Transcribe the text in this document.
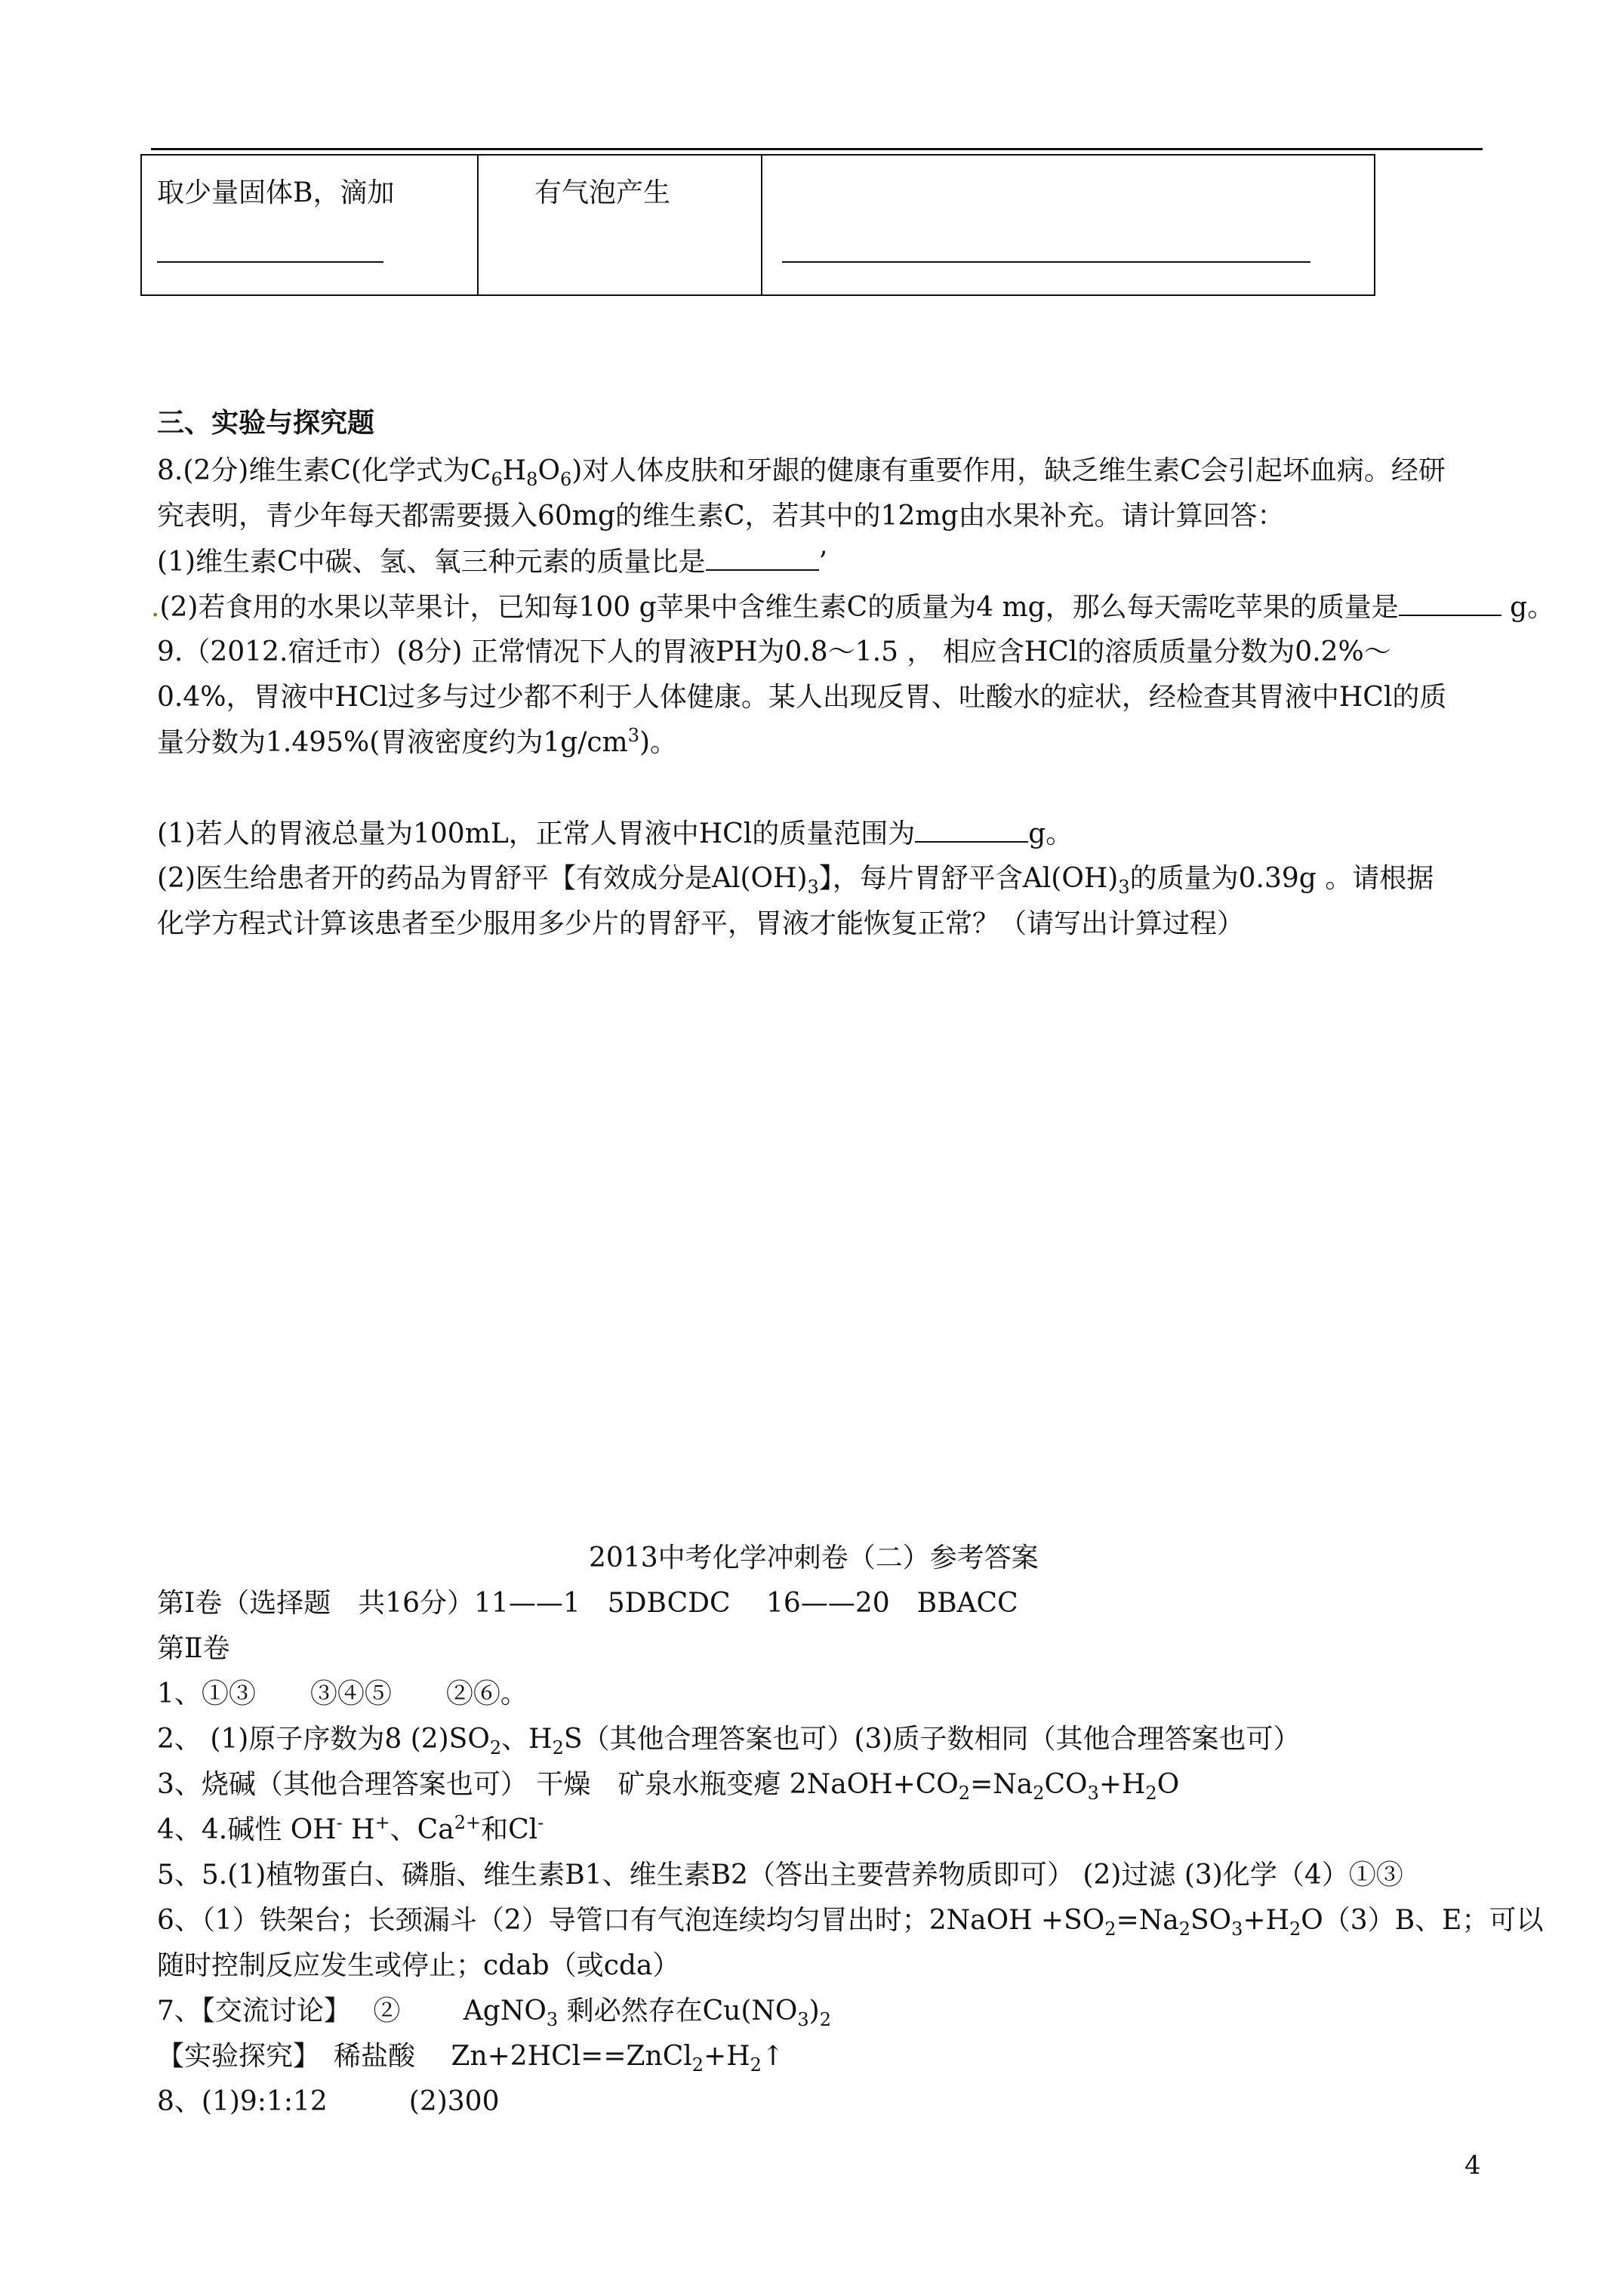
取少量固体B，滴加	有气泡产生
三、实验与探究题
8.(2分)维生素C(化学式为$C_6H_8O_6$)对人体皮肤和牙龈的健康有重要作用，缺乏维生素C会引起坏血病。经研
究表明，青少年每天都需要摄入60mg的维生素C，若其中的12mg由水果补充。请计算回答：
(1)维生素C中碳、氢、氧三种元素的质量比是	’
.(2)若食用的水果以苹果计，已知每100 g苹果中含维生素C的质量为4 mg，那么每天需吃苹果的质量是	g。
9.（2012.宿迁市）(8分) 正常情况下人的胃液PH为0.8～1.5 ， 相应含HCl的溶质质量分数为0.2%～
0.4%，胃液中HCl过多与过少都不利于人体健康。某人出现反胃、吐酸水的症状，经检查其胃液中HCl的质
量分数为1.495%(胃液密度约为$1g/cm^3$)。
(1)若人的胃液总量为100mL，正常人胃液中HCl的质量范围为	g。
(2)医生给患者开的药品为胃舒平【有效成分是$Al(OH)_3$】，每片胃舒平含$Al(OH)_3$的质量为0.39g 。请根据
化学方程式计算该患者至少服用多少片的胃舒平，胃液才能恢复正常？（请写出计算过程）
2013中考化学冲刺卷（二）参考答案
第I卷（选择题　共16分）11——1　5DBCDC　 16——20　BBACC
第Ⅱ卷
1、①③　　③④⑤　　②⑥。
2、 (1)原子序数为8 $(2)SO_2$、$H_2S$（其他合理答案也可）(3)质子数相同（其他合理答案也可）
3、烧碱（其他合理答案也可） 干燥　矿泉水瓶变瘪 $2NaOH+CO_2=Na_2CO_3+H_2O$
4、4.碱性 OH- H+、$Ca^{2+}$和Cl-
5、5.(1)植物蛋白、磷脂、维生素B1、维生素B2（答出主要营养物质即可） (2)过滤 (3)化学（4）①③
6、（1）铁架台；长颈漏斗（2）导管口有气泡连续均匀冒出时；2NaOH $+SO_2=Na_2SO_3+H_2O(3)B$、E；可以
随时控制反应发生或停止；cdab（或cda）
7、【交流讨论】　 ②　　 AgNO$_3$ 剩必然存在$Cu(NO_3)_2$
【实验探究】　稀盐酸　 $Zn+2HCl==ZnCl_2+H_2↑$
8、(1)9:1:12　　　(2)300
4
